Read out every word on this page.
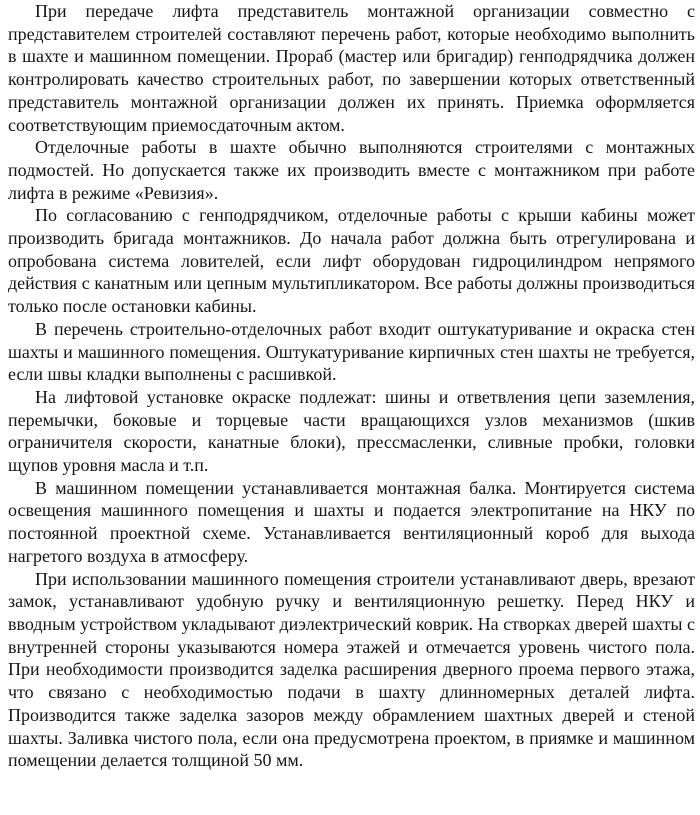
При передаче лифта представитель монтажной организации совместно с представителем строителей составляют перечень работ, которые необходимо выполнить в шахте и машинном помещении. Прораб (мастер или бригадир) генподрядчика должен контролировать качество строительных работ, по завершении которых ответственный представитель монтажной организации должен их принять. Приемка оформляется соответствующим приемосдаточным актом.

Отделочные работы в шахте обычно выполняются строителями с монтажных подмостей. Но допускается также их производить вместе с монтажником при работе лифта в режиме «Ревизия».

По согласованию с генподрядчиком, отделочные работы с крыши кабины может производить бригада монтажников. До начала работ должна быть отрегулирована и опробована система ловителей, если лифт оборудован гидроцилиндром непрямого действия с канатным или цепным мультипликатором. Все работы должны производиться только после остановки кабины.

В перечень строительно-отделочных работ входит оштукатуривание и окраска стен шахты и машинного помещения. Оштукатуривание кирпичных стен шахты не требуется, если швы кладки выполнены с расшивкой.

На лифтовой установке окраске подлежат: шины и ответвления цепи заземления, перемычки, боковые и торцевые части вращающихся узлов механизмов (шкив ограничителя скорости, канатные блоки), прессмасленки, сливные пробки, головки щупов уровня масла и т.п.

В машинном помещении устанавливается монтажная балка. Монтируется система освещения машинного помещения и шахты и подается электропитание на НКУ по постоянной проектной схеме. Устанавливается вентиляционный короб для выхода нагретого воздуха в атмосферу.

При использовании машинного помещения строители устанавливают дверь, врезают замок, устанавливают удобную ручку и вентиляционную решетку. Перед НКУ и вводным устройством укладывают диэлектрический коврик. На створках дверей шахты с внутренней стороны указываются номера этажей и отмечается уровень чистого пола. При необходимости производится заделка расширения дверного проема первого этажа, что связано с необходимостью подачи в шахту длинномерных деталей лифта. Производится также заделка зазоров между обрамлением шахтных дверей и стеной шахты. Заливка чистого пола, если она предусмотрена проектом, в приямке и машинном помещении делается толщиной 50 мм.
